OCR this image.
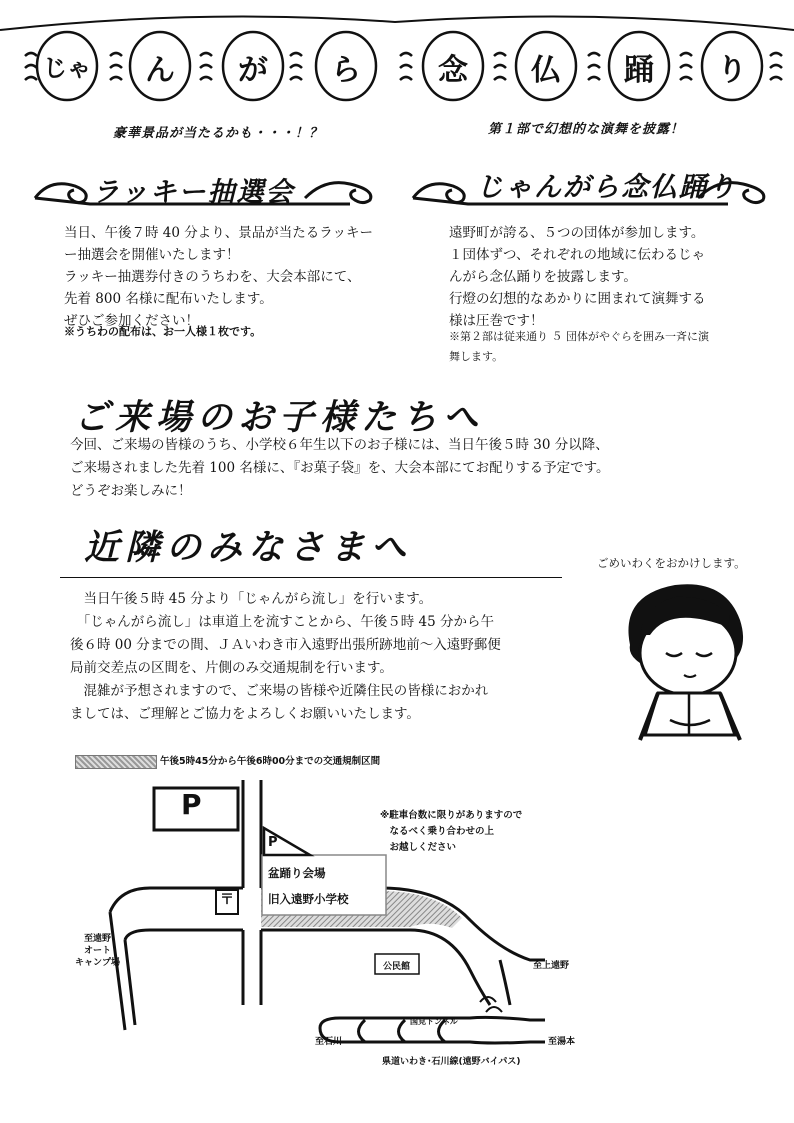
じゃ	ん	が	ら	念	仏	踊	り
豪華景品が当たるかも・・・！？	第１部で幻想的な演舞を披露！
ラッキー抽選会	じゃんがら念仏踊り
当日、午後７時 40 分より、景品が当たるラッキー
ー抽選会を開催いたします！
ラッキー抽選券付きのうちわを、大会本部にて、
先着 800 名様に配布いたします。
ぜひご参加ください！
※うちわの配布は、お一人様１枚です。
遠野町が誇る、５つの団体が参加します。
１団体ずつ、それぞれの地域に伝わるじゃ
んがら念仏踊りを披露します。
行燈の幻想的なあかりに囲まれて演舞する
様は圧巻です！
※第２部は従来通り ５ 団体がやぐらを囲み一斉に演
舞します。
ご来場のお子様たちへ
今回、ご来場の皆様のうち、小学校６年生以下のお子様には、当日午後５時 30 分以降、
ご来場されました先着 100 名様に、『お菓子袋』を、大会本部にてお配りする予定です。
どうぞお楽しみに！
近隣のみなさまへ	ごめいわくをおかけします。
　当日午後５時 45 分より「じゃんがら流し」を行います。
　「じゃんがら流し」は車道上を流すことから、午後５時 45 分から午
後６時 00 分までの間、ＪＡいわき市入遠野出張所跡地前～入遠野郵便
局前交差点の区間を、片側のみ交通規制を行います。
　混雑が予想されますので、ご来場の皆様や近隣住民の皆様におかれ
ましては、ご理解とご協力をよろしくお願いいたします。
午後5時45分から午後6時00分までの交通規制区間
P
P
盆踊り会場
旧入遠野小学校
〒
※駐車台数に限りがありますので
　なるべく乗り合わせの上
　お越しください
至遠野
オート
キャンプ場	公民館	至上遠野
国見トンネル
至石川	至湯本
県道いわき･石川線(遠野バイパス)
